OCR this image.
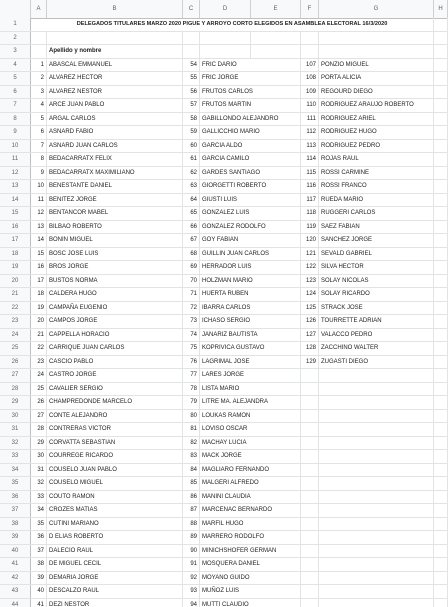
A	B	C	D	E	F	G	H
1	DELEGADOS TITULARES MARZO 2020 PIGUE Y ARROYO CORTO ELEGIDOS EN ASAMBLEA ELECTORAL 16/3/2020
2
3	Apellido y nombre
4	1 ABASCAL EMMANUEL	54 FRIC DARIO	107 PONZIO MIGUEL
5	2 ALVAREZ HECTOR	55 FRIC JORGE	108 PORTA ALICIA
6	3 ALVAREZ NESTOR	56 FRUTOS CARLOS	109 REGOURD DIEGO
7	4 ARCE JUAN PABLO	57 FRUTOS MARTIN	110 RODRIGUEZ ARAUJO ROBERTO
8	5 ARGAL CARLOS	58 GABILLONDO ALEJANDRO	111 RODRIGUEZ ARIEL
9	6 ASNARD FABIO	59 GALLICCHIO MARIO	112 RODRIGUEZ HUGO
10	7 ASNARD JUAN CARLOS	60 GARCIA ALDO	113 RODRIGUEZ PEDRO
11	8 BEDACARRATX FELIX	61 GARCIA CAMILO	114 ROJAS RAUL
12	9 BEDACARRATX MAXIMILIANO	62 GARDES SANTIAGO	115 ROSSI CARMINE
13	10 BENESTANTE DANIEL	63 GIORGETTI ROBERTO	116 ROSSI FRANCO
14	11 BENITEZ JORGE	64 GIUSTI LUIS	117 RUEDA MARIO
15	12 BENTANCOR MABEL	65 GONZALEZ LUIS	118 RUGGERI CARLOS
16	13 BILBAO ROBERTO	66 GONZALEZ RODOLFO	119 SAEZ FABIAN
17	14 BONIN MIGUEL	67 GOY FABIAN	120 SANCHEZ JORGE
18	15 BOSC JOSE LUIS	68 GUILLIN JUAN CARLOS	121 SEVALD GABRIEL
19	16 BROS JORGE	69 HERRADOR LUIS	122 SILVA HECTOR
20	17 BUSTOS NORMA	70 HOLZMAN MARIO	123 SOLAY NICOLAS
21	18 CALDERA HUGO	71 HUERTA RUBEN	124 SOLAY RICARDO
22	19 CAMPAÑA EUGENIO	72 IBARRA CARLOS	125 STRACK JOSE
23	20 CAMPOS JORGE	73 ICHASO SERGIO	126 TOURRETTE ADRIAN
24	21 CAPPELLA HORACIO	74 JANARIZ BAUTISTA	127 VALACCO PEDRO
25	22 CARRIQUE JUAN CARLOS	75 KOPRIVICA GUSTAVO	128 ZACCHINO WALTER
26	23 CASCIO PABLO	76 LAGRIMAL JOSE	129 ZUGASTI DIEGO
27	24 CASTRO JORGE	77 LARES JORGE
28	25 CAVALIER SERGIO	78 LISTA MARIO
29	26 CHAMPREDONDE MARCELO	79 LITRE MA. ALEJANDRA
30	27 CONTE ALEJANDRO	80 LOUKAS RAMON
31	28 CONTRERAS VICTOR	81 LOVISO OSCAR
32	29 CORVATTA SEBASTIAN	82 MACHAY LUCIA
33	30 COURREGE RICARDO	83 MACK JORGE
34	31 COUSELO JUAN PABLO	84 MAGLIARO FERNANDO
35	32 COUSELO MIGUEL	85 MALGERI ALFREDO
36	33 COUTO RAMON	86 MANINI CLAUDIA
37	34 CROZES MATIAS	87 MARCENAC BERNARDO
38	35 CUTINI MARIANO	88 MARFIL HUGO
39	36 D ELIAS ROBERTO	89 MARRERO RODOLFO
40	37 DALECIO RAUL	90 MINICHSHOFER GERMAN
41	38 DE MIGUEL CECIL	91 MOSQUERA DANIEL
42	39 DEMARIA JORGE	92 MOYANO GUIDO
43	40 DESCALZO RAUL	93 MUÑOZ LUIS
44	41 DEZI NESTOR	94 MUTTI CLAUDIO
